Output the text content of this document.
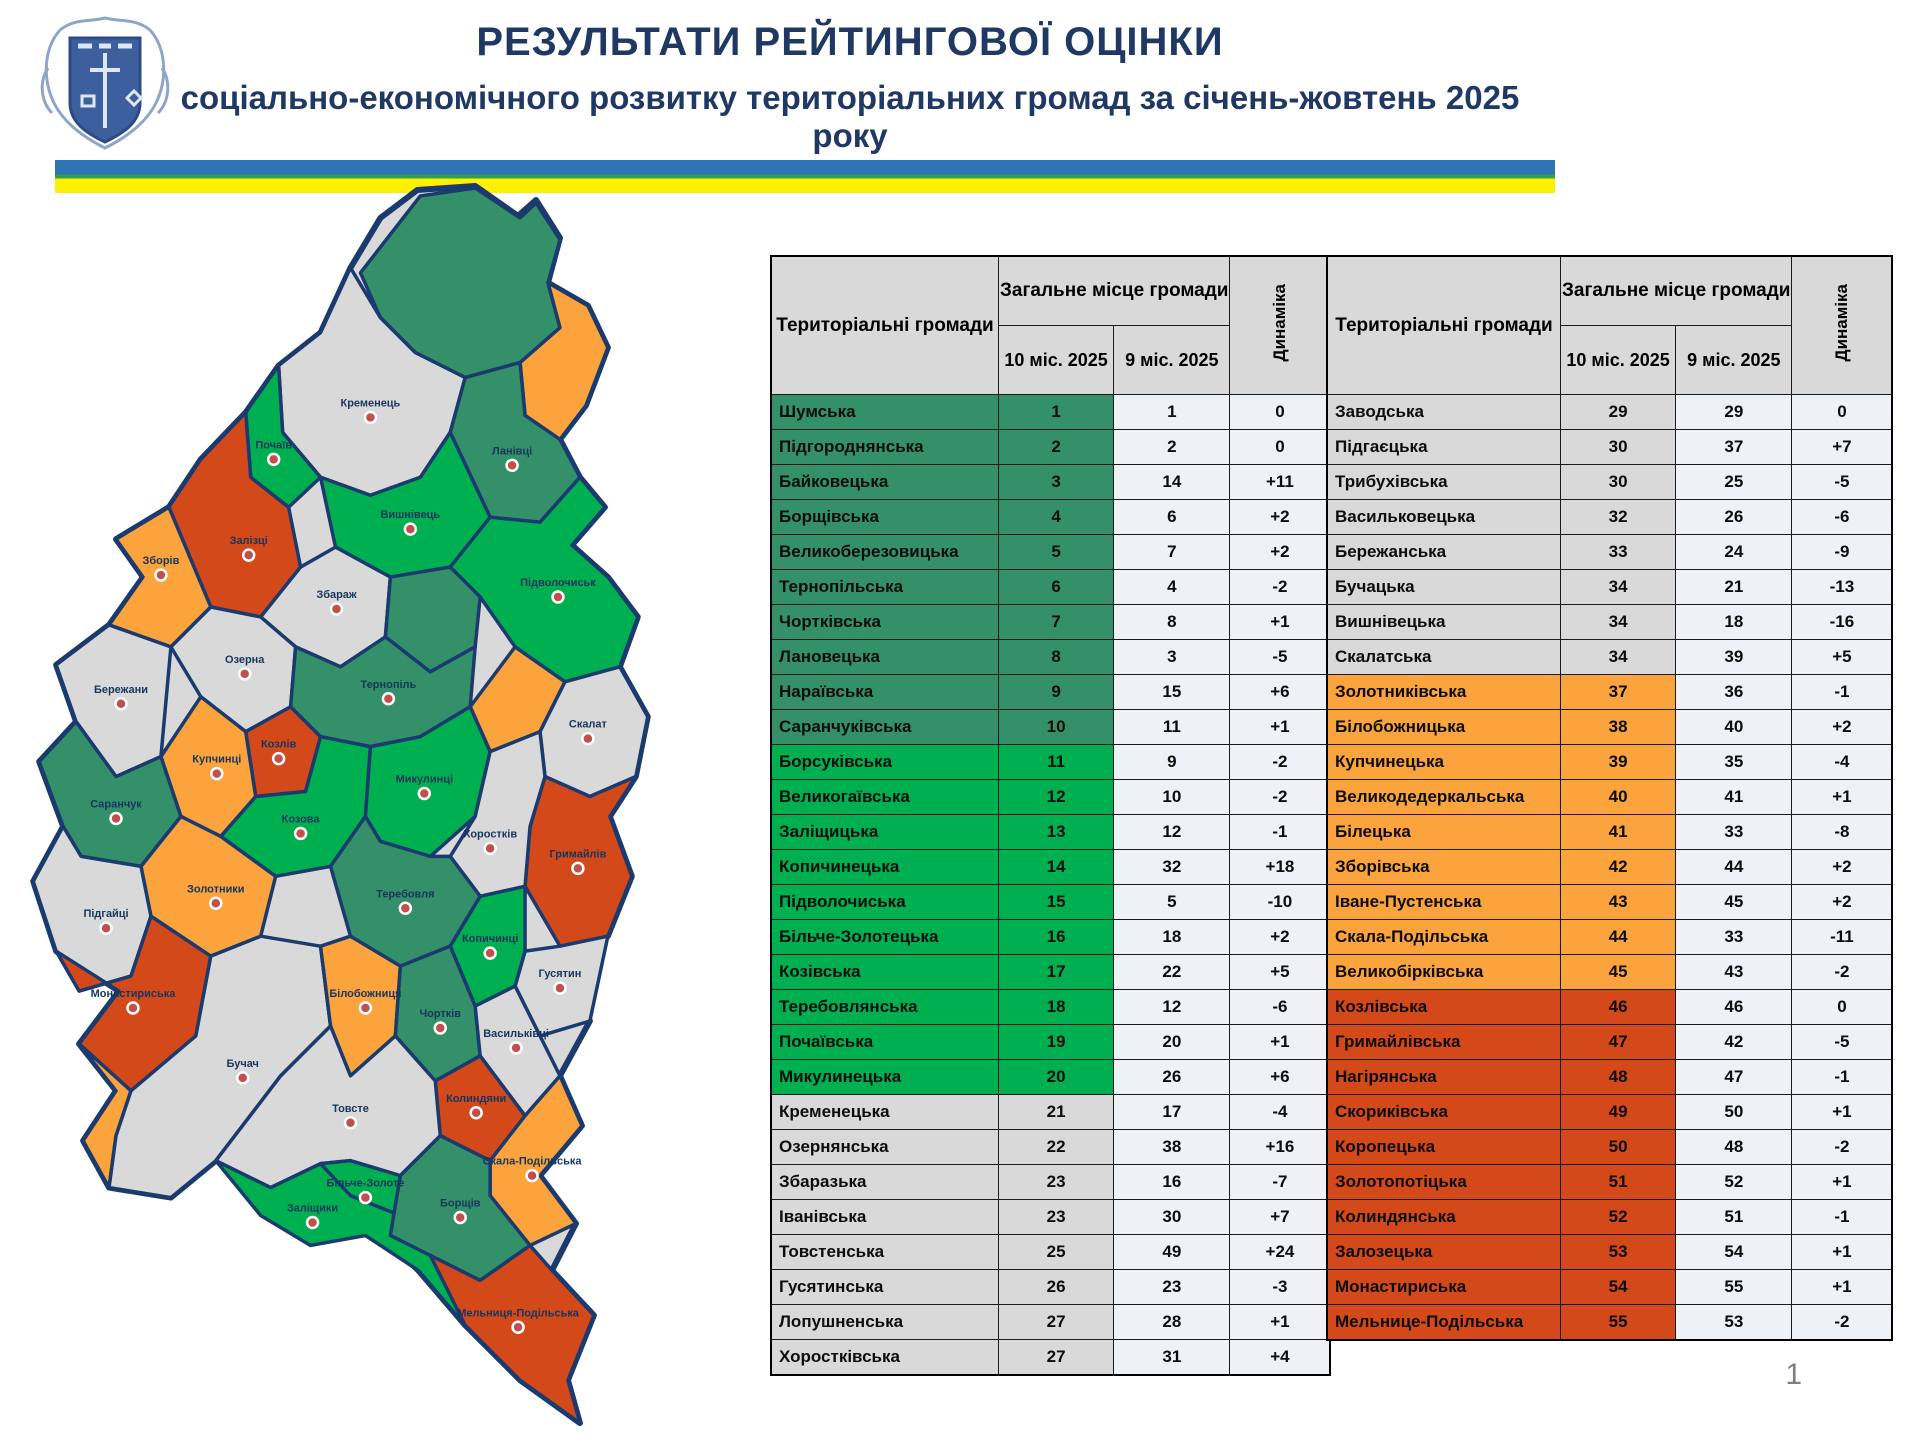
РЕЗУЛЬТАТИ РЕЙТИНГОВОЇ ОЦІНКИ
соціально-економічного розвитку територіальних громад за січень-жовтень 2025 року
Кременець
Почаїв	Ланівці
Вишнівець
Залізці
Зборів
Збараж
Підволочиськ
Озерна
Тернопіль
Скалат
Козлів
Бережани
Купчинці
Козова
Микулинці
Гримайлів
Хоростків
Саранчук
Золотники
Підгайці
Теребовля
Гусятин
Копичинці
Монастириська
Бучач
Білобожниця
Чортків
Васильківці
Колиндяни
Товсте
Скала-Подільська
Більче-Золоте
Борщів
Заліщики
Мельниця-Подільська
Територіальні громади	Загальне місце громади		Динаміка
	10 міс. 2025	9 міс. 2025	
Шумська	1	1	0
Підгороднянська	2	2	0
Байковецька	3	14	+11
Борщівська	4	6	+2
Великоберезовицька	5	7	+2
Тернопільська	6	4	-2
Чортківська	7	8	+1
Лановецька	8	3	-5
Нараївська	9	15	+6
Саранчуківська	10	11	+1
Борсуківська	11	9	-2
Великогаївська	12	10	-2
Заліщицька	13	12	-1
Копичинецька	14	32	+18
Підволочиська	15	5	-10
Більче-Золотецька	16	18	+2
Козівська	17	22	+5
Теребовлянська	18	12	-6
Почаївська	19	20	+1
Микулинецька	20	26	+6
Кременецька	21	17	-4
Озернянська	22	38	+16
Збаразька	23	16	-7
Іванівська	23	30	+7
Товстенська	25	49	+24
Гусятинська	26	23	-3
Лопушненська	27	28	+1
Хоростківська	27	31	+4
Територіальні громади	Загальне місце громади		Динаміка
	10 міс. 2025	9 міс. 2025	
Заводська	29	29	0
Підгаєцька	30	37	+7
Трибухівська	30	25	-5
Васильковецька	32	26	-6
Бережанська	33	24	-9
Бучацька	34	21	-13
Вишнівецька	34	18	-16
Скалатська	34	39	+5
Золотниківська	37	36	-1
Білобожницька	38	40	+2
Купчинецька	39	35	-4
Великодедеркальська	40	41	+1
Білецька	41	33	-8
Зборівська	42	44	+2
Іване-Пустенська	43	45	+2
Скала-Подільська	44	33	-11
Великобірківська	45	43	-2
Козлівська	46	46	0
Гримайлівська	47	42	-5
Нагірянська	48	47	-1
Скориківська	49	50	+1
Коропецька	50	48	-2
Золотопотіцька	51	52	+1
Колиндянська	52	51	-1
Залозецька	53	54	+1
Монастириська	54	55	+1
Мельнице-Подільська	55	53	-2
1
